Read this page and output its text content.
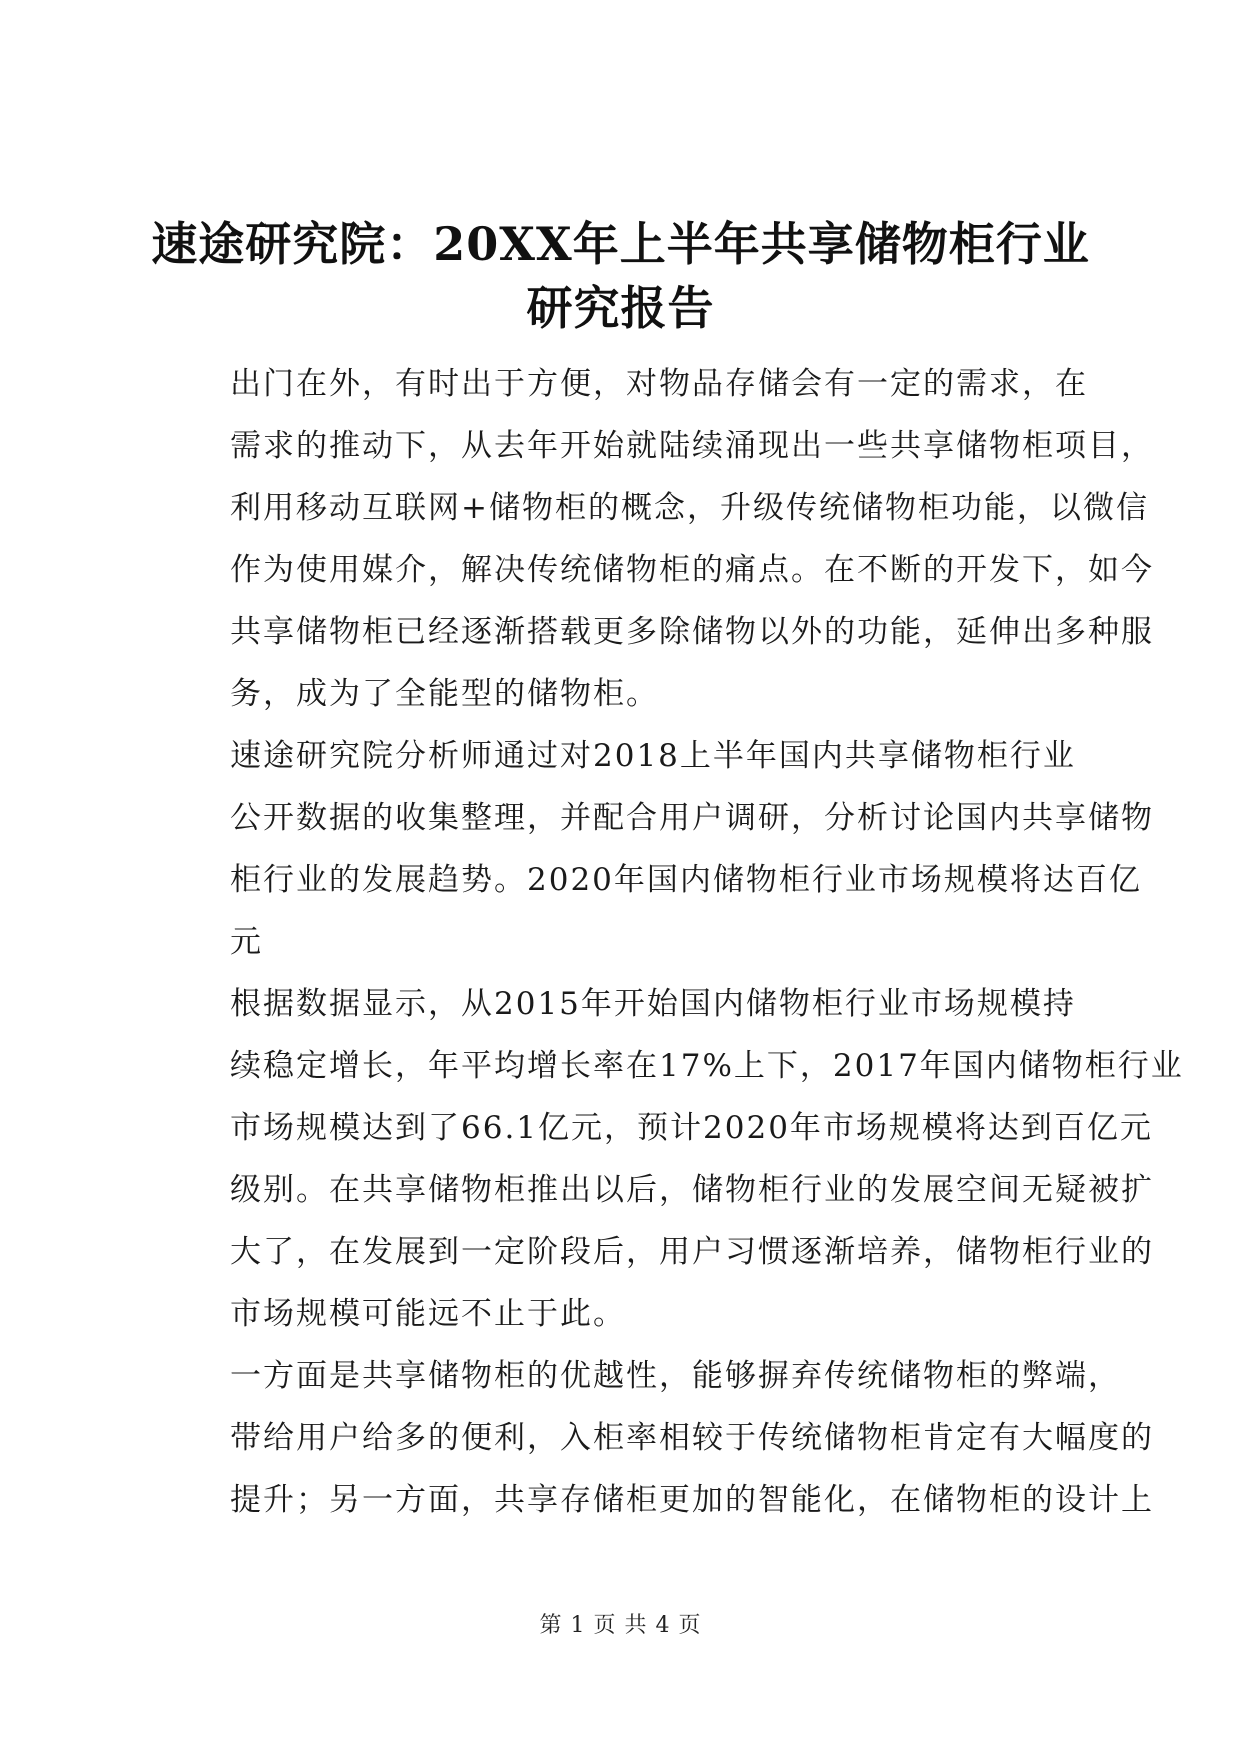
速途研究院：20XX年上半年共享储物柜行业
研究报告

出门在外，有时出于方便，对物品存储会有一定的需求，在
需求的推动下，从去年开始就陆续涌现出一些共享储物柜项目，
利用移动互联网+储物柜的概念，升级传统储物柜功能，以微信
作为使用媒介，解决传统储物柜的痛点。在不断的开发下，如今
共享储物柜已经逐渐搭载更多除储物以外的功能，延伸出多种服
务，成为了全能型的储物柜。

速途研究院分析师通过对2018上半年国内共享储物柜行业
公开数据的收集整理，并配合用户调研，分析讨论国内共享储物
柜行业的发展趋势。2020年国内储物柜行业市场规模将达百亿
元

根据数据显示，从2015年开始国内储物柜行业市场规模持
续稳定增长，年平均增长率在17%上下，2017年国内储物柜行业
市场规模达到了66.1亿元，预计2020年市场规模将达到百亿元
级别。在共享储物柜推出以后，储物柜行业的发展空间无疑被扩
大了，在发展到一定阶段后，用户习惯逐渐培养，储物柜行业的
市场规模可能远不止于此。

一方面是共享储物柜的优越性，能够摒弃传统储物柜的弊端，
带给用户给多的便利，入柜率相较于传统储物柜肯定有大幅度的
提升；另一方面，共享存储柜更加的智能化，在储物柜的设计上

第 1 页 共 4 页
